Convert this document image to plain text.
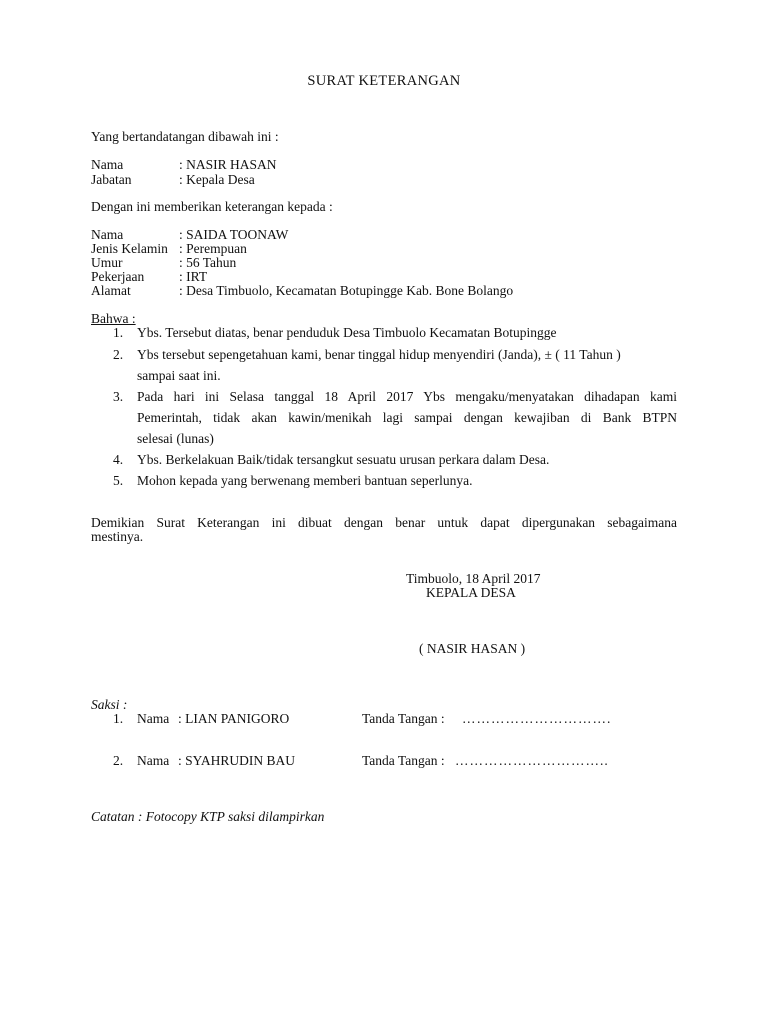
SURAT KETERANGAN
Yang bertandatangan dibawah ini :
Nama	: NASIR HASAN
Jabatan	: Kepala Desa
Dengan ini memberikan keterangan kepada :
Nama	: SAIDA TOONAW
Jenis Kelamin : Perempuan
Umur	: 56 Tahun
Pekerjaan	: IRT
Alamat	: Desa Timbuolo, Kecamatan Botupingge Kab. Bone Bolango
Bahwa :
1. Ybs. Tersebut diatas, benar penduduk Desa Timbuolo Kecamatan Botupingge
2. Ybs tersebut sepengetahuan kami, benar tinggal hidup menyendiri (Janda), ± ( 11 Tahun )
sampai saat ini.
3. Pada hari ini Selasa tanggal 18 April 2017 Ybs mengaku/menyatakan dihadapan kami
Pemerintah, tidak akan kawin/menikah lagi sampai dengan kewajiban di Bank BTPN
selesai (lunas)
4. Ybs. Berkelakuan Baik/tidak tersangkut sesuatu urusan perkara dalam Desa.
5. Mohon kepada yang berwenang memberi bantuan seperlunya.
Demikian Surat Keterangan ini dibuat dengan benar untuk dapat dipergunakan sebagaimana
mestinya.
Timbuolo, 18 April 2017
KEPALA DESA
( NASIR HASAN )
Saksi :
1. Nama : LIAN PANIGORO	Tanda Tangan : ………………………….
2. Nama : SYAHRUDIN BAU	Tanda Tangan : …………………………..
Catatan : Fotocopy KTP saksi dilampirkan
